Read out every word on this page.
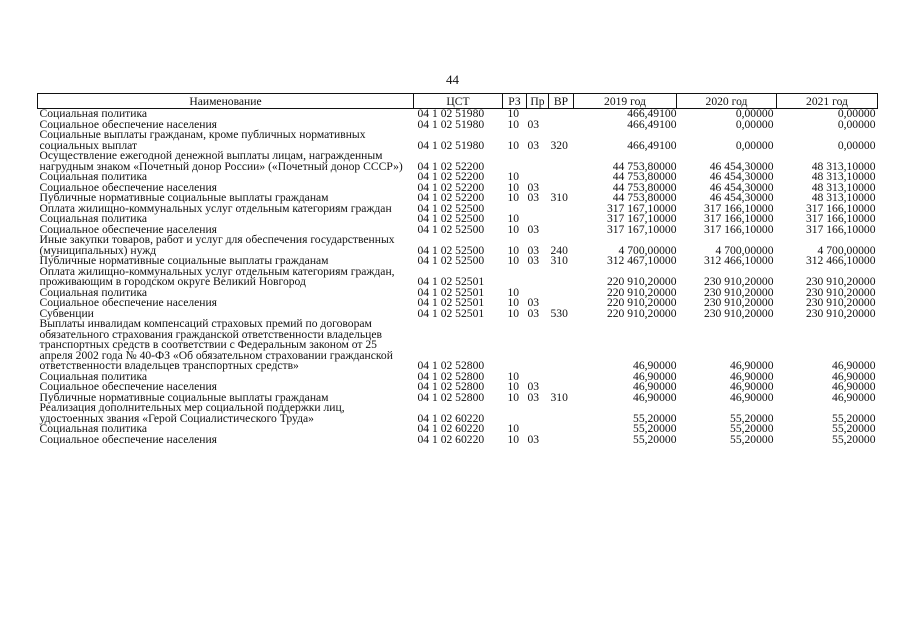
44
Наименование	ЦСТ	РЗ	Пр	ВР	2019 год	2020 год	2021 год
Социальная политика	04 1 02 51980	10			466,49100	0,00000	0,00000
Социальное обеспечение населения	04 1 02 51980	10	03		466,49100	0,00000	0,00000
Социальные выплаты гражданам, кроме публичных нормативных социальных выплат	04 1 02 51980	10	03	320	466,49100	0,00000	0,00000
Осуществление ежегодной денежной выплаты лицам, награжденным нагрудным знаком «Почетный донор России» («Почетный донор СССР»)	04 1 02 52200				44 753,80000	46 454,30000	48 313,10000
Социальная политика	04 1 02 52200	10			44 753,80000	46 454,30000	48 313,10000
Социальное обеспечение населения	04 1 02 52200	10	03		44 753,80000	46 454,30000	48 313,10000
Публичные нормативные социальные выплаты гражданам	04 1 02 52200	10	03	310	44 753,80000	46 454,30000	48 313,10000
Оплата жилищно-коммунальных услуг отдельным категориям граждан	04 1 02 52500				317 167,10000	317 166,10000	317 166,10000
Социальная политика	04 1 02 52500	10			317 167,10000	317 166,10000	317 166,10000
Социальное обеспечение населения	04 1 02 52500	10	03		317 167,10000	317 166,10000	317 166,10000
Иные закупки товаров, работ и услуг для обеспечения государственных (муниципальных) нужд	04 1 02 52500	10	03	240	4 700,00000	4 700,00000	4 700,00000
Публичные нормативные социальные выплаты гражданам	04 1 02 52500	10	03	310	312 467,10000	312 466,10000	312 466,10000
Оплата жилищно-коммунальных услуг отдельным категориям граждан, проживающим в городском округе Великий Новгород	04 1 02 52501				220 910,20000	230 910,20000	230 910,20000
Социальная политика	04 1 02 52501	10			220 910,20000	230 910,20000	230 910,20000
Социальное обеспечение населения	04 1 02 52501	10	03		220 910,20000	230 910,20000	230 910,20000
Субвенции	04 1 02 52501	10	03	530	220 910,20000	230 910,20000	230 910,20000
Выплаты инвалидам компенсаций страховых премий по договорам обязательного страхования гражданской ответственности владельцев транспортных средств в соответствии с Федеральным законом от 25 апреля 2002 года № 40-ФЗ «Об обязательном страховании гражданской ответственности владельцев транспортных средств»	04 1 02 52800				46,90000	46,90000	46,90000
Социальная политика	04 1 02 52800	10			46,90000	46,90000	46,90000
Социальное обеспечение населения	04 1 02 52800	10	03		46,90000	46,90000	46,90000
Публичные нормативные социальные выплаты гражданам	04 1 02 52800	10	03	310	46,90000	46,90000	46,90000
Реализация дополнительных мер социальной поддержки лиц, удостоенных звания «Герой Социалистического Труда»	04 1 02 60220				55,20000	55,20000	55,20000
Социальная политика	04 1 02 60220	10			55,20000	55,20000	55,20000
Социальное обеспечение населения	04 1 02 60220	10	03		55,20000	55,20000	55,20000
